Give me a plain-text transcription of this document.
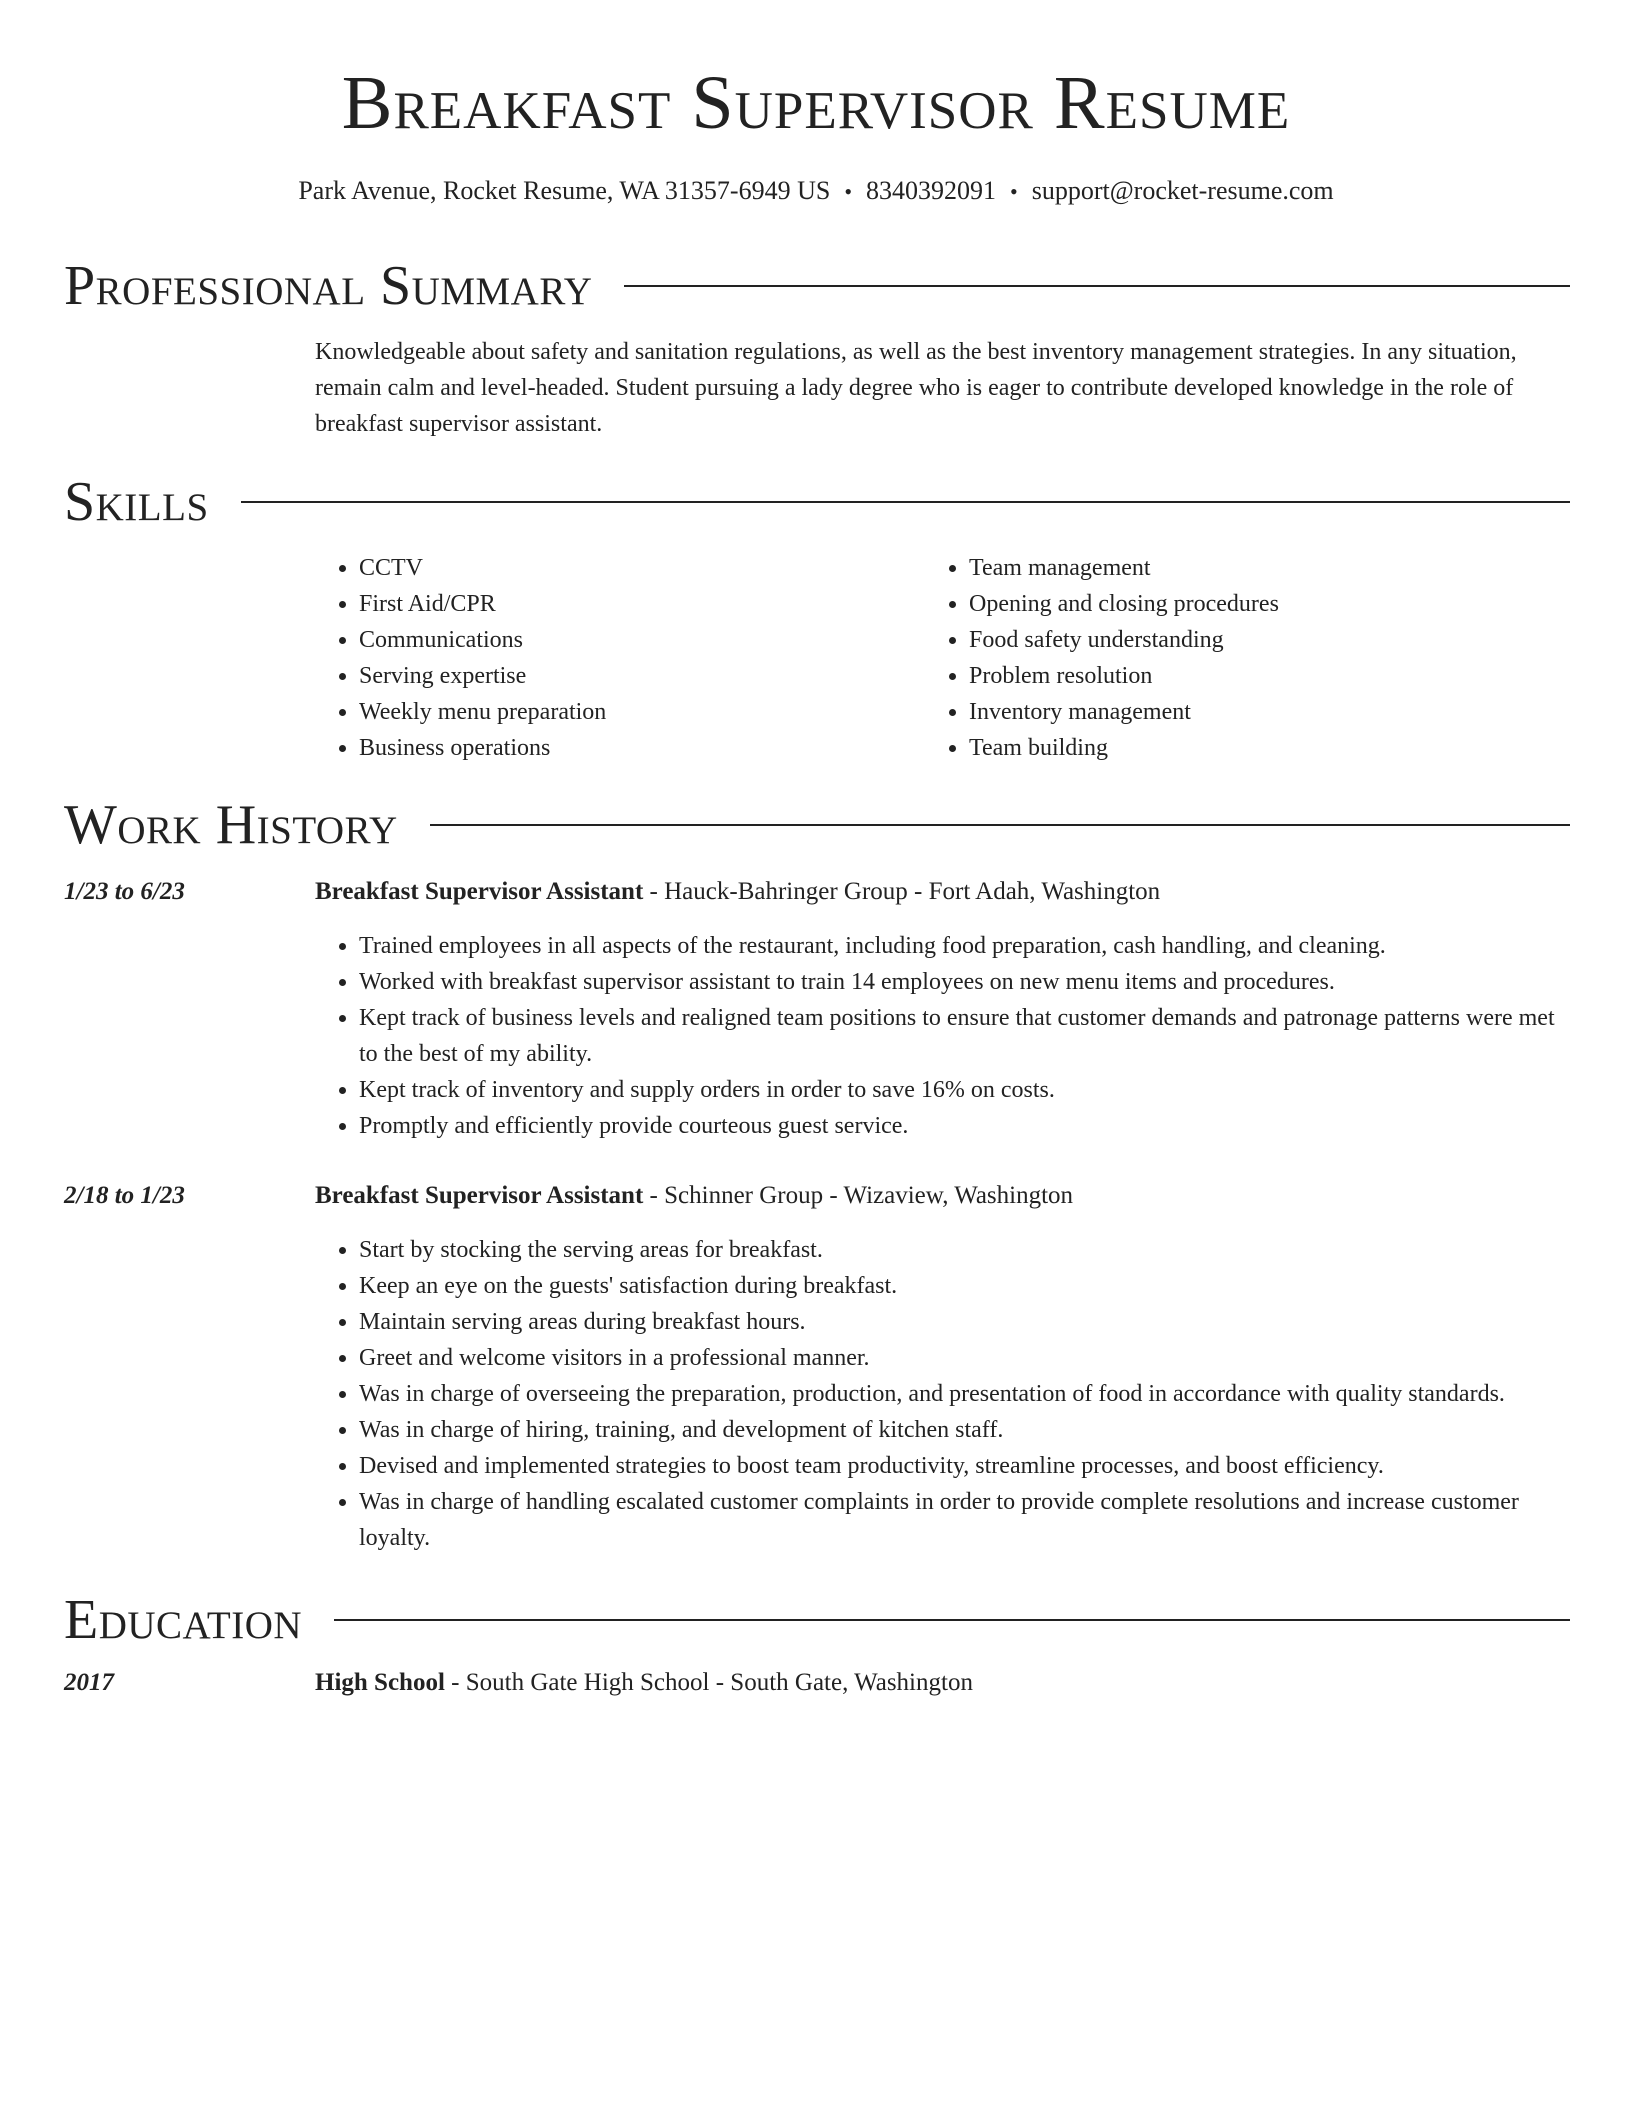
Breakfast Supervisor Resume
Park Avenue, Rocket Resume, WA 31357-6949 US • 8340392091 • support@rocket-resume.com
Professional Summary
Knowledgeable about safety and sanitation regulations, as well as the best inventory management strategies. In any situation, remain calm and level-headed. Student pursuing a lady degree who is eager to contribute developed knowledge in the role of breakfast supervisor assistant.
Skills
• CCTV
• First Aid/CPR
• Communications
• Serving expertise
• Weekly menu preparation
• Business operations
• Team management
• Opening and closing procedures
• Food safety understanding
• Problem resolution
• Inventory management
• Team building
Work History
1/23 to 6/23	Breakfast Supervisor Assistant - Hauck-Bahringer Group - Fort Adah, Washington
• Trained employees in all aspects of the restaurant, including food preparation, cash handling, and cleaning.
• Worked with breakfast supervisor assistant to train 14 employees on new menu items and procedures.
• Kept track of business levels and realigned team positions to ensure that customer demands and patronage patterns were met to the best of my ability.
• Kept track of inventory and supply orders in order to save 16% on costs.
• Promptly and efficiently provide courteous guest service.
2/18 to 1/23	Breakfast Supervisor Assistant - Schinner Group - Wizaview, Washington
• Start by stocking the serving areas for breakfast.
• Keep an eye on the guests' satisfaction during breakfast.
• Maintain serving areas during breakfast hours.
• Greet and welcome visitors in a professional manner.
• Was in charge of overseeing the preparation, production, and presentation of food in accordance with quality standards.
• Was in charge of hiring, training, and development of kitchen staff.
• Devised and implemented strategies to boost team productivity, streamline processes, and boost efficiency.
• Was in charge of handling escalated customer complaints in order to provide complete resolutions and increase customer loyalty.
Education
2017	High School - South Gate High School - South Gate, Washington
